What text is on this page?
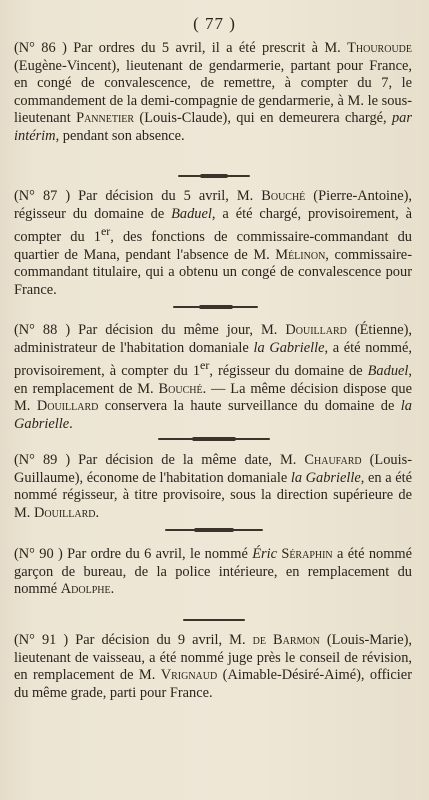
( 77 )

(N° 86 ) Par ordres du 5 avril, il a été prescrit à M. Thouroude (Eugène-Vincent), lieutenant de gendarmerie, partant pour France, en congé de convalescence, de remettre, à compter du 7, le commandement de la demi-compagnie de gendarmerie, à M. le sous-lieutenant Pannetier (Louis-Claude), qui en demeurera chargé, par intérim, pendant son absence.

(N° 87 ) Par décision du 5 avril, M. Bouché (Pierre-Antoine), régisseur du domaine de Baduel, a été chargé, provisoirement, à compter du 1er, des fonctions de commissaire-commandant du quartier de Mana, pendant l'absence de M. Mélinon, commissaire-commandant titulaire, qui a obtenu un congé de convalescence pour France.

(N° 88 ) Par décision du même jour, M. Douillard (Étienne), administrateur de l'habitation domaniale la Gabrielle, a été nommé, provisoirement, à compter du 1er, régisseur du domaine de Baduel, en remplacement de M. Bouché. — La même décision dispose que M. Douillard conservera la haute surveillance du domaine de la Gabrielle.

(N° 89 ) Par décision de la même date, M. Chaufard (Louis-Guillaume), économe de l'habitation domaniale la Gabrielle, en a été nommé régisseur, à titre provisoire, sous la direction supérieure de M. Douillard.

(N° 90 ) Par ordre du 6 avril, le nommé Éric Séraphin a été nommé garçon de bureau, de la police intérieure, en remplacement du nommé Adolphe.

(N° 91 ) Par décision du 9 avril, M. de Barmon (Louis-Marie), lieutenant de vaisseau, a été nommé juge près le conseil de révision, en remplacement de M. Vrignaud (Aimable-Désiré-Aimé), officier du même grade, parti pour France.
